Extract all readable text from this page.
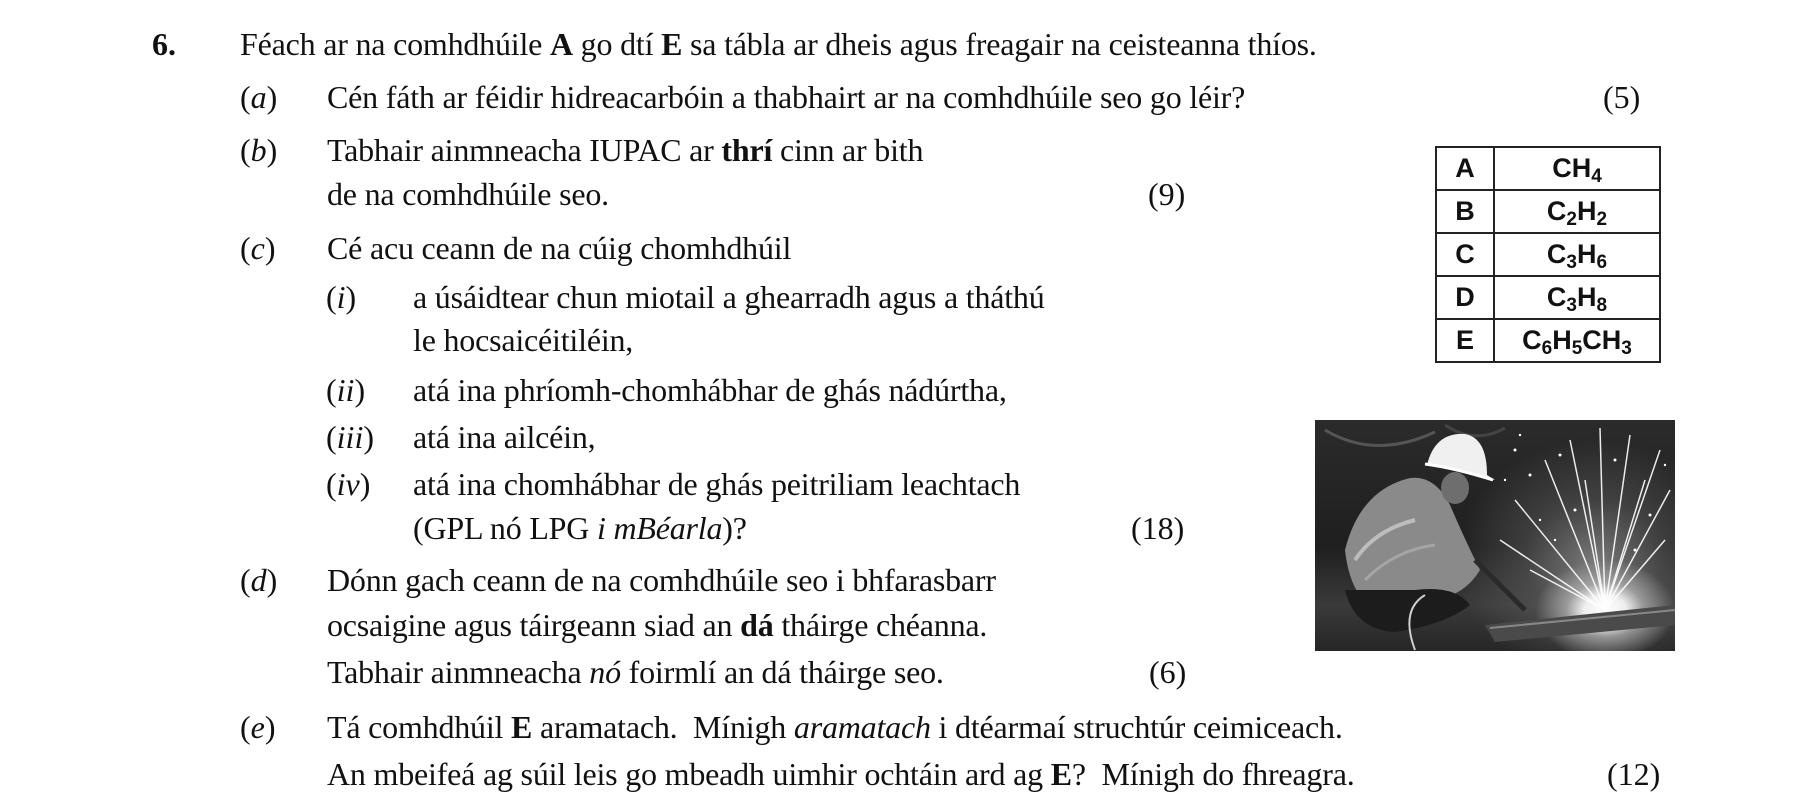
6. Féach ar na comhdhúile A go dtí E sa tábla ar dheis agus freagair na ceisteanna thíos.
(a) Cén fáth ar féidir hidreacarbóin a thabhairt ar na comhdhúile seo go léir?	(5)
(b) Tabhair ainmneacha IUPAC ar thrí cinn ar bith
de na comhdhúile seo.	(9)
(c) Cé acu ceann de na cúig chomhdhúil
(i) a úsáidtear chun miotail a ghearradh agus a tháthú
le hocsaicéitiléin,
(ii) atá ina phríomh-chomhábhar de ghás nádúrtha,
(iii) atá ina ailcéin,
(iv) atá ina chomhábhar de ghás peitriliam leachtach
(GPL nó LPG i mBéarla)?	(18)
(d) Dónn gach ceann de na comhdhúile seo i bhfarasbarr
ocsaigine agus táirgeann siad an dá tháirge chéanna.
Tabhair ainmneacha nó foirmlí an dá tháirge seo.	(6)
(e) Tá comhdhúil E aramatach.  Mínigh aramatach i dtéarmaí struchtúr ceimiceach.
An mbeifeá ag súil leis go mbeadh uimhir ochtáin ard ag E?  Mínigh do fhreagra.	(12)
A	$CH_4$
B	$C_2H_2$
C	$C_3H_6$
D	$C_3H_8$
E	$C_6H_5CH_3$
